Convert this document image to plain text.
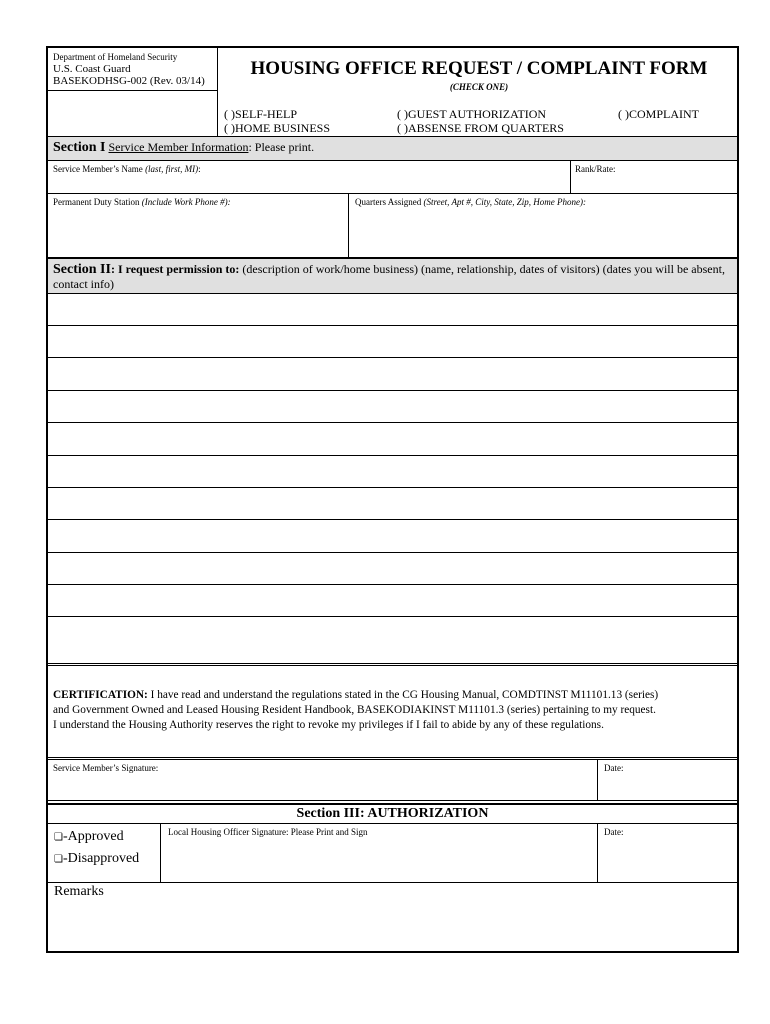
Department of Homeland Security
U.S. Coast Guard
BASEKODHSG-002 (Rev. 03/14)
HOUSING OFFICE REQUEST / COMPLAINT FORM
(CHECK ONE)
( )SELF-HELP
( )HOME BUSINESS
( )GUEST AUTHORIZATION
( )ABSENSE FROM QUARTERS
( )COMPLAINT
Section I Service Member Information: Please print.
Service Member’s Name (last, first, MI):	Rank/Rate:
Permanent Duty Station (Include Work Phone #):	Quarters Assigned (Street, Apt #, City, State, Zip, Home Phone):
Section II: I request permission to: (description of work/home business) (name, relationship, dates of visitors) (dates you will be absent, contact info)
CERTIFICATION: I have read and understand the regulations stated in the CG Housing Manual, COMDTINST M11101.13 (series)
and Government Owned and Leased Housing Resident Handbook, BASEKODIAKINST M11101.3 (series) pertaining to my request.
I understand the Housing Authority reserves the right to revoke my privileges if I fail to abide by any of these regulations.
Service Member’s Signature:	Date:
Section III: AUTHORIZATION
❏-Approved
❏-Disapproved
Local Housing Officer Signature: Please Print and Sign	Date:
Remarks
